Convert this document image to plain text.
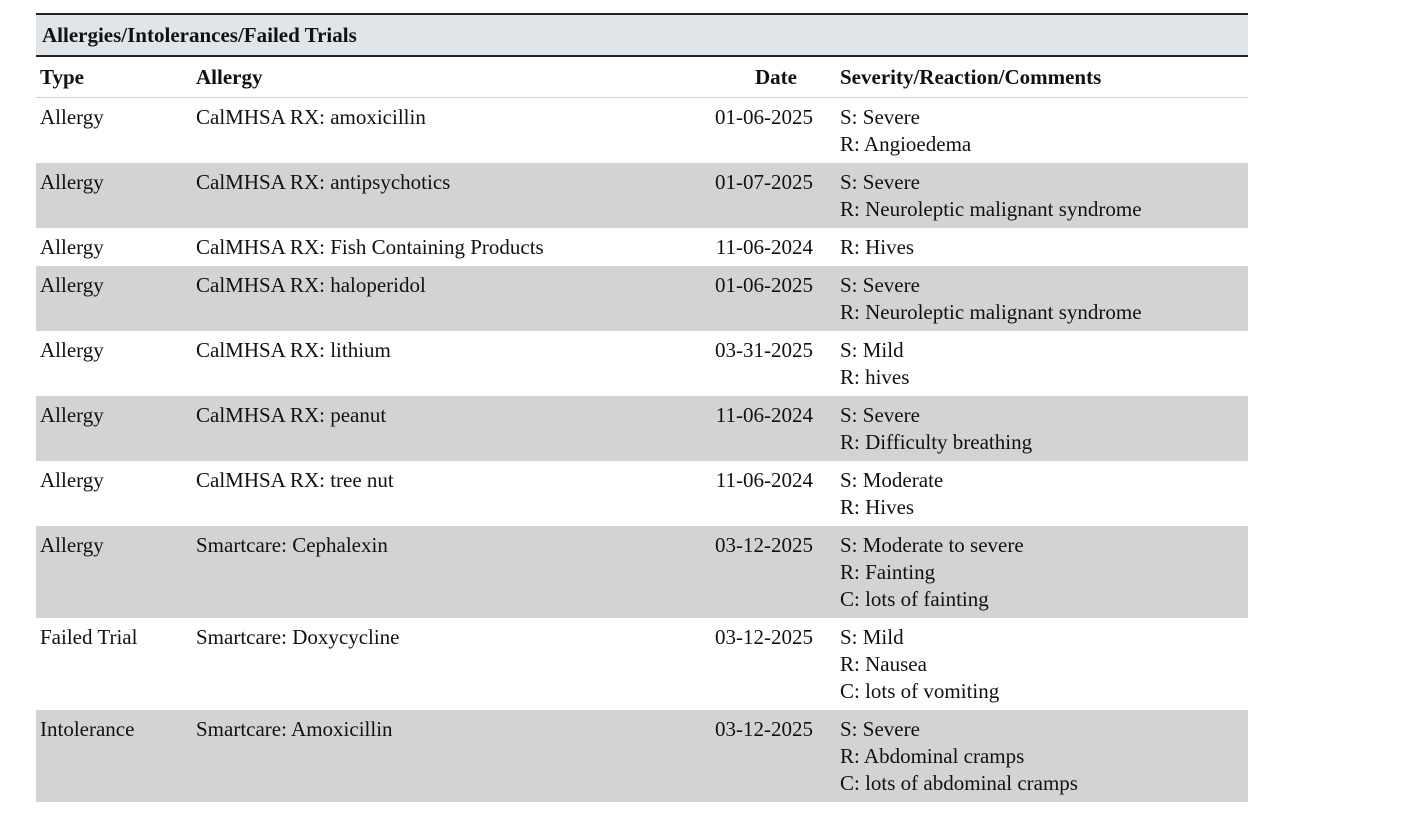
Allergies/Intolerances/Failed Trials
Type	Allergy	Date	Severity/Reaction/Comments
Allergy	CalMHSA RX: amoxicillin	01-06-2025	S: Severe
R: Angioedema

Allergy	CalMHSA RX: antipsychotics	01-07-2025	S: Severe
R: Neuroleptic malignant syndrome

Allergy	CalMHSA RX: Fish Containing Products	11-06-2024	R: Hives

Allergy	CalMHSA RX: haloperidol	01-06-2025	S: Severe
R: Neuroleptic malignant syndrome

Allergy	CalMHSA RX: lithium	03-31-2025	S: Mild
R: hives

Allergy	CalMHSA RX: peanut	11-06-2024	S: Severe
R: Difficulty breathing

Allergy	CalMHSA RX: tree nut	11-06-2024	S: Moderate
R: Hives

Allergy	Smartcare: Cephalexin	03-12-2025	S: Moderate to severe
R: Fainting
C: lots of fainting

Failed Trial	Smartcare: Doxycycline	03-12-2025	S: Mild
R: Nausea
C: lots of vomiting

Intolerance	Smartcare: Amoxicillin	03-12-2025	S: Severe
R: Abdominal cramps
C: lots of abdominal cramps
